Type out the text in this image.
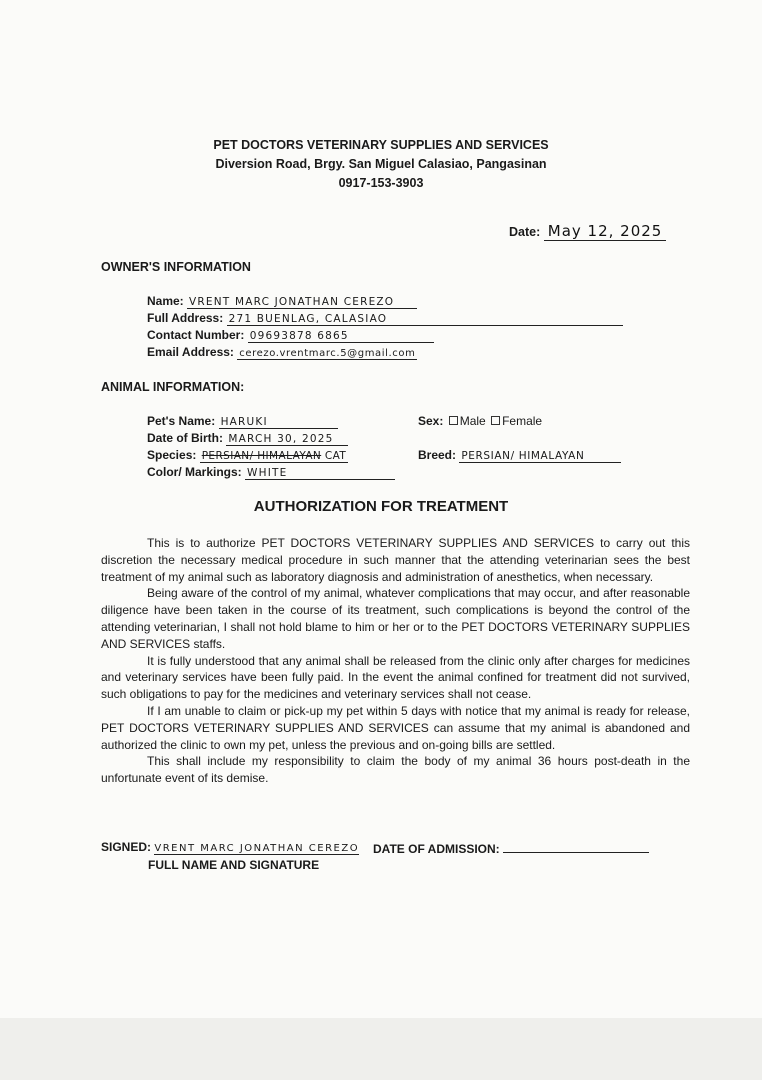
PET DOCTORS VETERINARY SUPPLIES AND SERVICES
Diversion Road, Brgy. San Miguel Calasiao, Pangasinan
0917-153-3903
Date: May 12, 2025
OWNER'S INFORMATION
Name: VRENT MARC JONATHAN CEREZO
Full Address: 271 BUENLAG, CALASIAO
Contact Number: 09693878 6865
Email Address: cerezo.vrentmarc.5@gmail.com
ANIMAL INFORMATION:
Pet's Name: HARUKI
Date of Birth: MARCH 30, 2025
Species: PERSIAN/ HIMALAYAN CAT
Color/ Markings: WHITE
Sex: Male Female
Breed: PERSIAN/ HIMALAYAN
AUTHORIZATION FOR TREATMENT

This is to authorize PET DOCTORS VETERINARY SUPPLIES AND SERVICES to carry out this discretion the necessary medical procedure in such manner that the attending veterinarian sees the best treatment of my animal such as laboratory diagnosis and administration of anesthetics, when necessary.

Being aware of the control of my animal, whatever complications that may occur, and after reasonable diligence have been taken in the course of its treatment, such complications is beyond the control of the attending veterinarian, I shall not hold blame to him or her or to the PET DOCTORS VETERINARY SUPPLIES AND SERVICES staffs.

It is fully understood that any animal shall be released from the clinic only after charges for medicines and veterinary services have been fully paid. In the event the animal confined for treatment did not survived, such obligations to pay for the medicines and veterinary services shall not cease.

If I am unable to claim or pick-up my pet within 5 days with notice that my animal is ready for release, PET DOCTORS VETERINARY SUPPLIES AND SERVICES can assume that my animal is abandoned and authorized the clinic to own my pet, unless the previous and on-going bills are settled.

This shall include my responsibility to claim the body of my animal 36 hours post-death in the unfortunate event of its demise.

SIGNED: VRENT MARC JONATHAN CEREZO
FULL NAME AND SIGNATURE
DATE OF ADMISSION:
